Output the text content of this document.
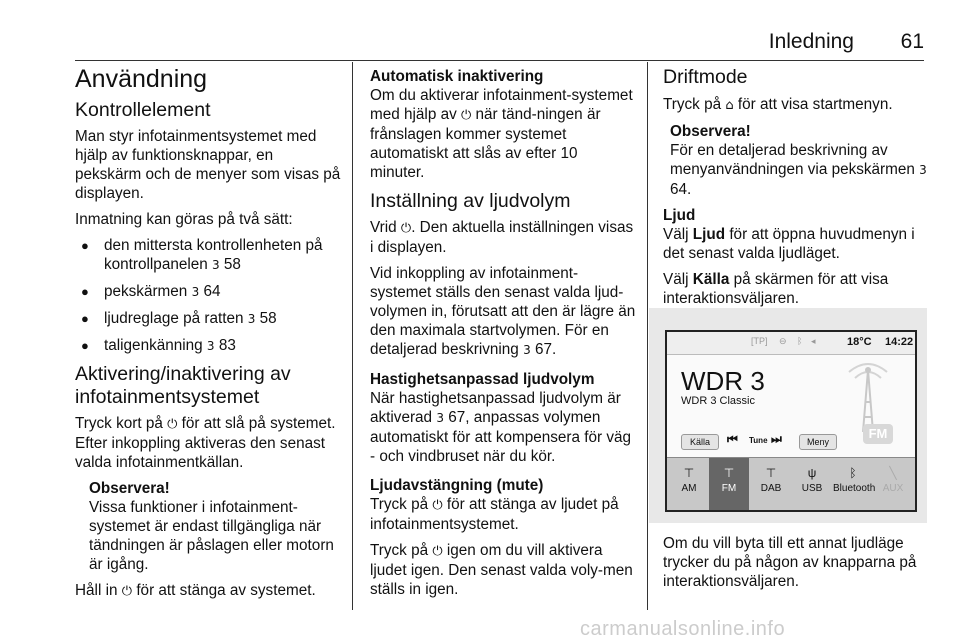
Inledning 61
Användning
Kontrollelement

Man styr infotainmentsystemet med hjälp av funktionsknappar, en pekskärm och de menyer som visas på displayen.

Inmatning kan göras på två sätt:

● den mittersta kontrollenheten på kontrollpanelen 3 58
● pekskärmen 3 64
● ljudreglage på ratten 3 58
● taligenkänning 3 83
Aktivering/inaktivering av infotainmentsystemet

Tryck kort på ⏻ för att slå på systemet. Efter inkoppling aktiveras den senast valda infotainmentkällan.

Observera!
Vissa funktioner i infotainment-systemet är endast tillgängliga när tändningen är påslagen eller motorn är igång.

Håll in ⏻ för att stänga av systemet.

Automatisk inaktivering

Om du aktiverar infotainment-systemet med hjälp av ⏻ när tänd-ningen är frånslagen kommer systemet automatiskt att slås av efter 10 minuter.

Inställning av ljudvolym

Vrid ⏻. Den aktuella inställningen visas i displayen.

Vid inkoppling av infotainment-systemet ställs den senast valda ljud-volymen in, förutsatt att den är lägre än den maximala startvolymen. För en detaljerad beskrivning 3 67.

Hastighetsanpassad ljudvolym

När hastighetsanpassad ljudvolym är aktiverad 3 67, anpassas volymen automatiskt för att kompensera för väg - och vindbruset när du kör.

Ljudavstängning (mute)

Tryck på ⏻ för att stänga av ljudet på infotainmentsystemet.

Tryck på ⏻ igen om du vill aktivera ljudet igen. Den senast valda voly-men ställs in igen.

Driftmode

Tryck på ⌂ för att visa startmenyn.

Observera!
För en detaljerad beskrivning av menyanvändningen via pekskärmen 3 64.
Ljud

Välj Ljud för att öppna huvudmenyn i det senast valda ljudläget.

Välj Källa på skärmen för att visa interaktionsväljaren.

Om du vill byta till ett annat ljudläge trycker du på någon av knapparna på interaktionsväljaren.

[TP] ⊖ ᛒ ◂	18°C 14:22
WDR 3
WDR 3 Classic
FM
Källa	⏮ Tune ⏭	Meny
⊤
AM
⊤
FM
⊤
DAB
ψ
USB
ᛒ
Bluetooth
╲
AUX
carmanualsonline.info
